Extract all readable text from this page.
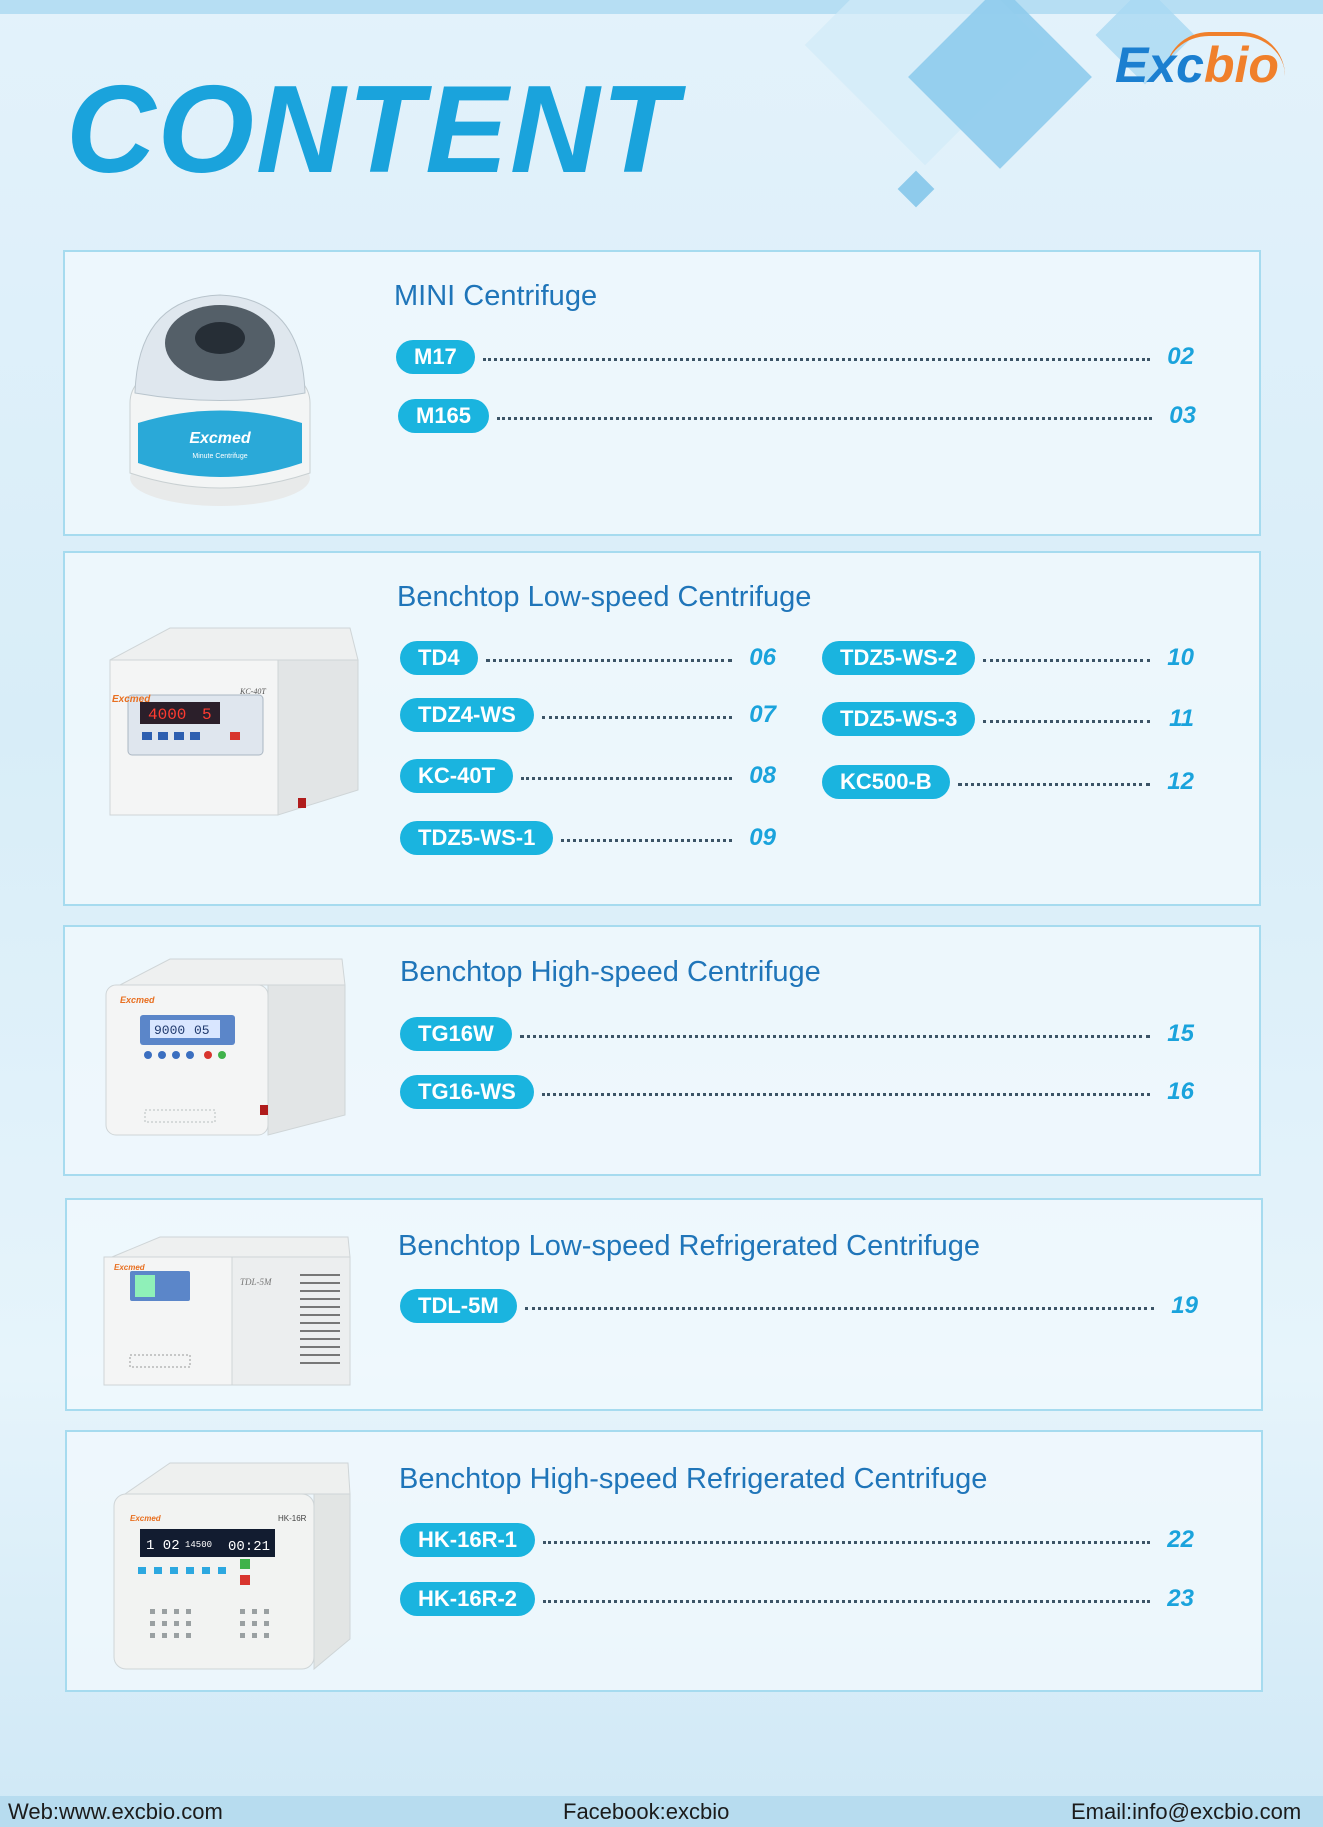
CONTENT	Excbio
Excmed
Minute Centrifuge
MINI Centrifuge
M17	02
M165	03
4000 5
Excmed
KC-40T
Benchtop Low-speed Centrifuge
TD4	06
TDZ4-WS	07
KC-40T	08
TDZ5-WS-1	09
TDZ5-WS-2	10
TDZ5-WS-3	11
KC500-B	12
9000 05
Excmed
Benchtop High-speed Centrifuge
TG16W	15
TG16-WS	16
Excmed
TDL-5M
Benchtop Low-speed Refrigerated Centrifuge
TDL-5M	19
1 02 14500 00:21
Excmed	HK-16R
Benchtop High-speed Refrigerated Centrifuge
HK-16R-1	22
HK-16R-2	23
Web:www.excbio.com	Facebook:excbio	Email:info@excbio.com
